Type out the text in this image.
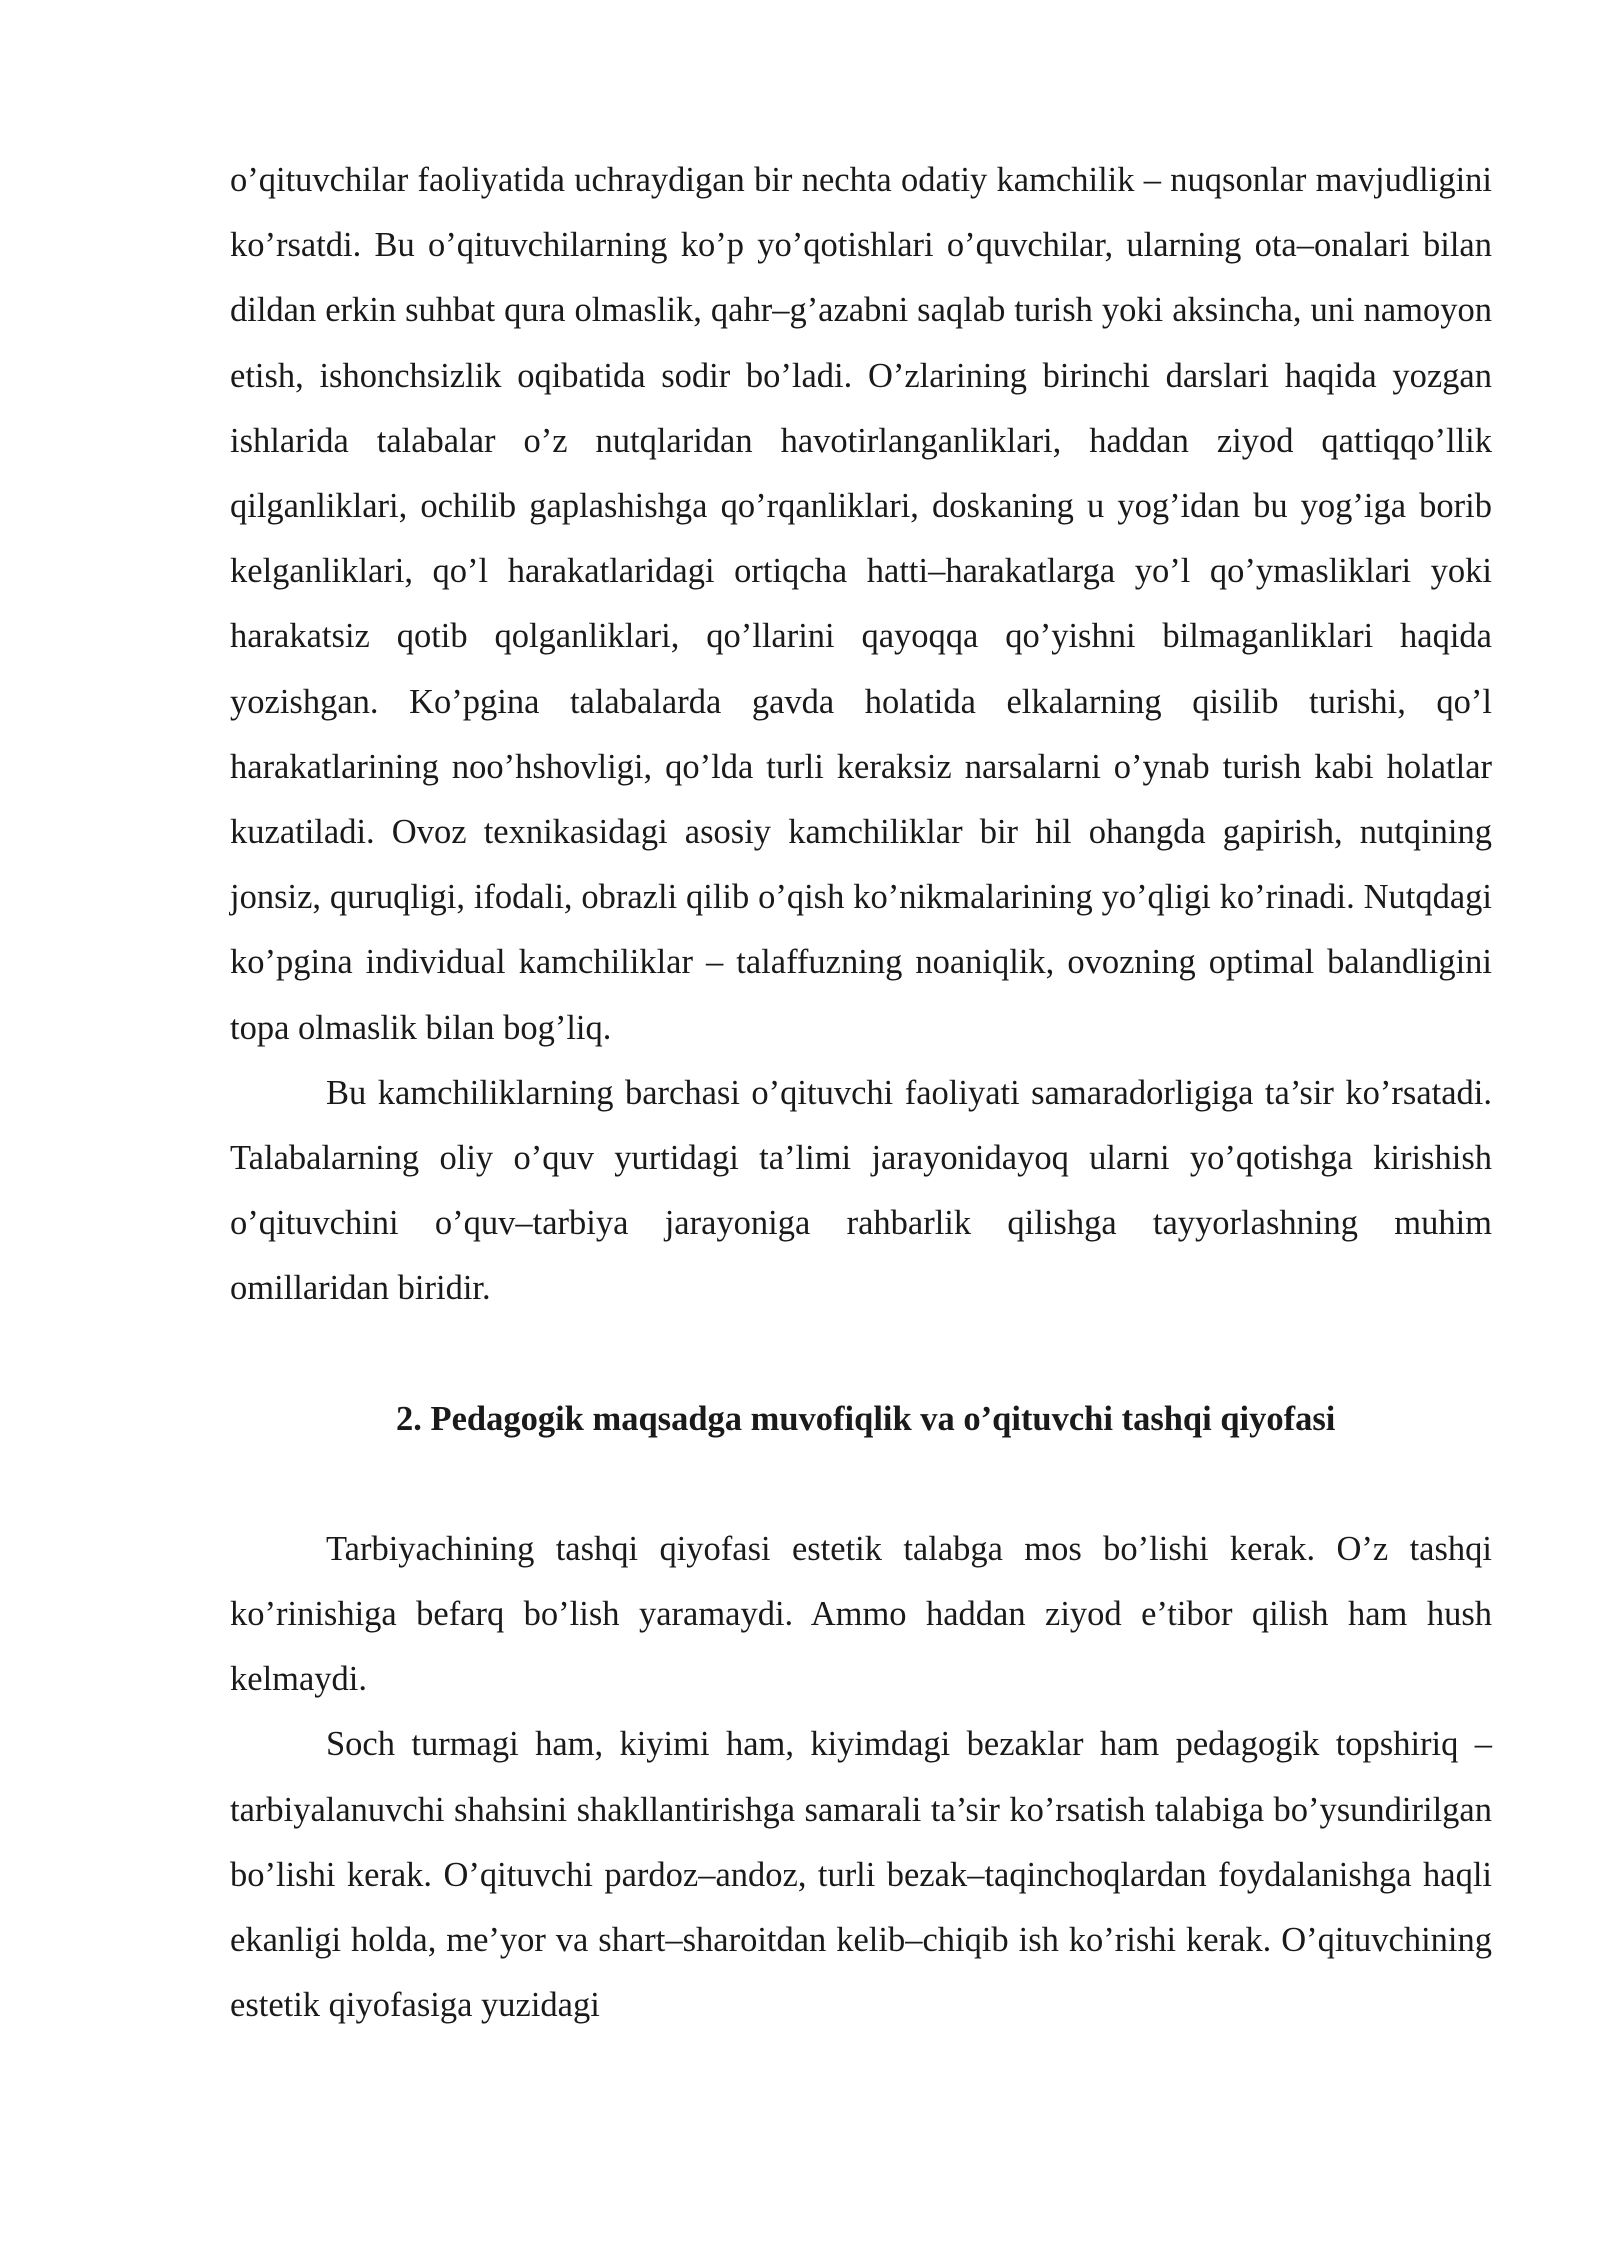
o’qituvchilar faoliyatida uchraydigan bir nechta odatiy kamchilik – nuqsonlar mavjudligini ko’rsatdi. Bu o’qituvchilarning ko’p yo’qotishlari o’quvchilar, ularning ota–onalari bilan dildan erkin suhbat qura olmaslik, qahr–g’azabni saqlab turish yoki aksincha, uni namoyon etish, ishonchsizlik oqibatida sodir bo’ladi. O’zlarining birinchi darslari haqida yozgan ishlarida talabalar o’z nutqlaridan havotirlanganliklari, haddan ziyod qattiqqo’llik qilganliklari, ochilib gaplashishga qo’rqanliklari, doskaning u yog’idan bu yog’iga borib kelganliklari, qo’l harakatlaridagi ortiqcha hatti–harakatlarga yo’l qo’ymasliklari yoki harakatsiz qotib qolganliklari, qo’llarini qayoqqa qo’yishni bilmaganliklari haqida yozishgan. Ko’pgina talabalarda gavda holatida elkalarning qisilib turishi, qo’l harakatlarining noo’hshovligi, qo’lda turli keraksiz narsalarni o’ynab turish kabi holatlar kuzatiladi. Ovoz texnikasidagi asosiy kamchiliklar bir hil ohangda gapirish, nutqining jonsiz, quruqligi, ifodali, obrazli qilib o’qish ko’nikmalarining yo’qligi ko’rinadi. Nutqdagi ko’pgina individual kamchiliklar – talaffuzning noaniqlik, ovozning optimal balandligini topa olmaslik bilan bog’liq.

Bu kamchiliklarning barchasi o’qituvchi faoliyati samaradorligiga ta’sir ko’rsatadi. Talabalarning oliy o’quv yurtidagi ta’limi jarayonidayoq ularni yo’qotishga kirishish o’qituvchini o’quv–tarbiya jarayoniga rahbarlik qilishga tayyorlashning muhim omillaridan biridir.

2. Pedagogik maqsadga muvofiqlik va o’qituvchi tashqi qiyofasi

Tarbiyachining tashqi qiyofasi estetik talabga mos bo’lishi kerak. O’z tashqi ko’rinishiga befarq bo’lish yaramaydi. Ammo haddan ziyod e’tibor qilish ham hush kelmaydi.

Soch turmagi ham, kiyimi ham, kiyimdagi bezaklar ham pedagogik topshiriq – tarbiyalanuvchi shahsini shakllantirishga samarali ta’sir ko’rsatish talabiga bo’ysundirilgan bo’lishi kerak. O’qituvchi pardoz–andoz, turli bezak–taqinchoqlardan foydalanishga haqli ekanligi holda, me’yor va shart–sharoitdan kelib–chiqib ish ko’rishi kerak. O’qituvchining estetik qiyofasiga yuzidagi
